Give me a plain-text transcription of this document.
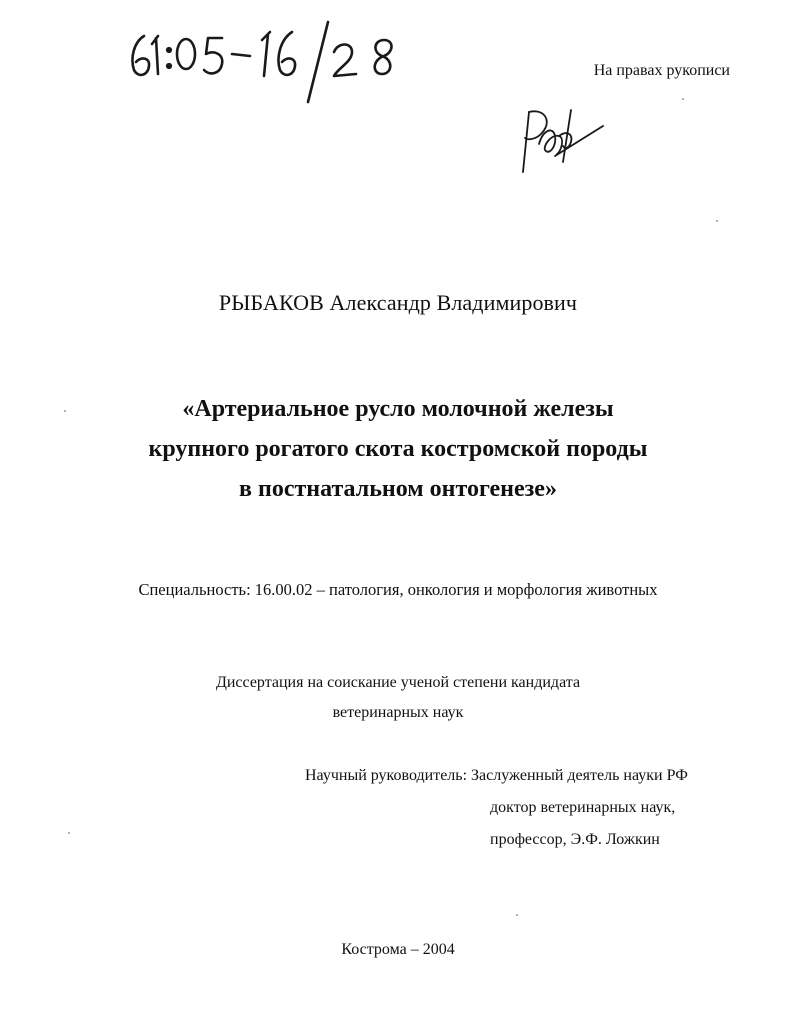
На правах рукописи
РЫБАКОВ Александр Владимирович
«Артериальное русло молочной железы
крупного рогатого скота костромской породы
в постнатальном онтогенезе»
Специальность: 16.00.02 – патология, онкология и морфология животных
Диссертация на соискание ученой степени кандидата
ветеринарных наук
Научный руководитель: Заслуженный деятель науки РФ
доктор ветеринарных наук,
профессор, Э.Ф. Ложкин
Кострома – 2004
